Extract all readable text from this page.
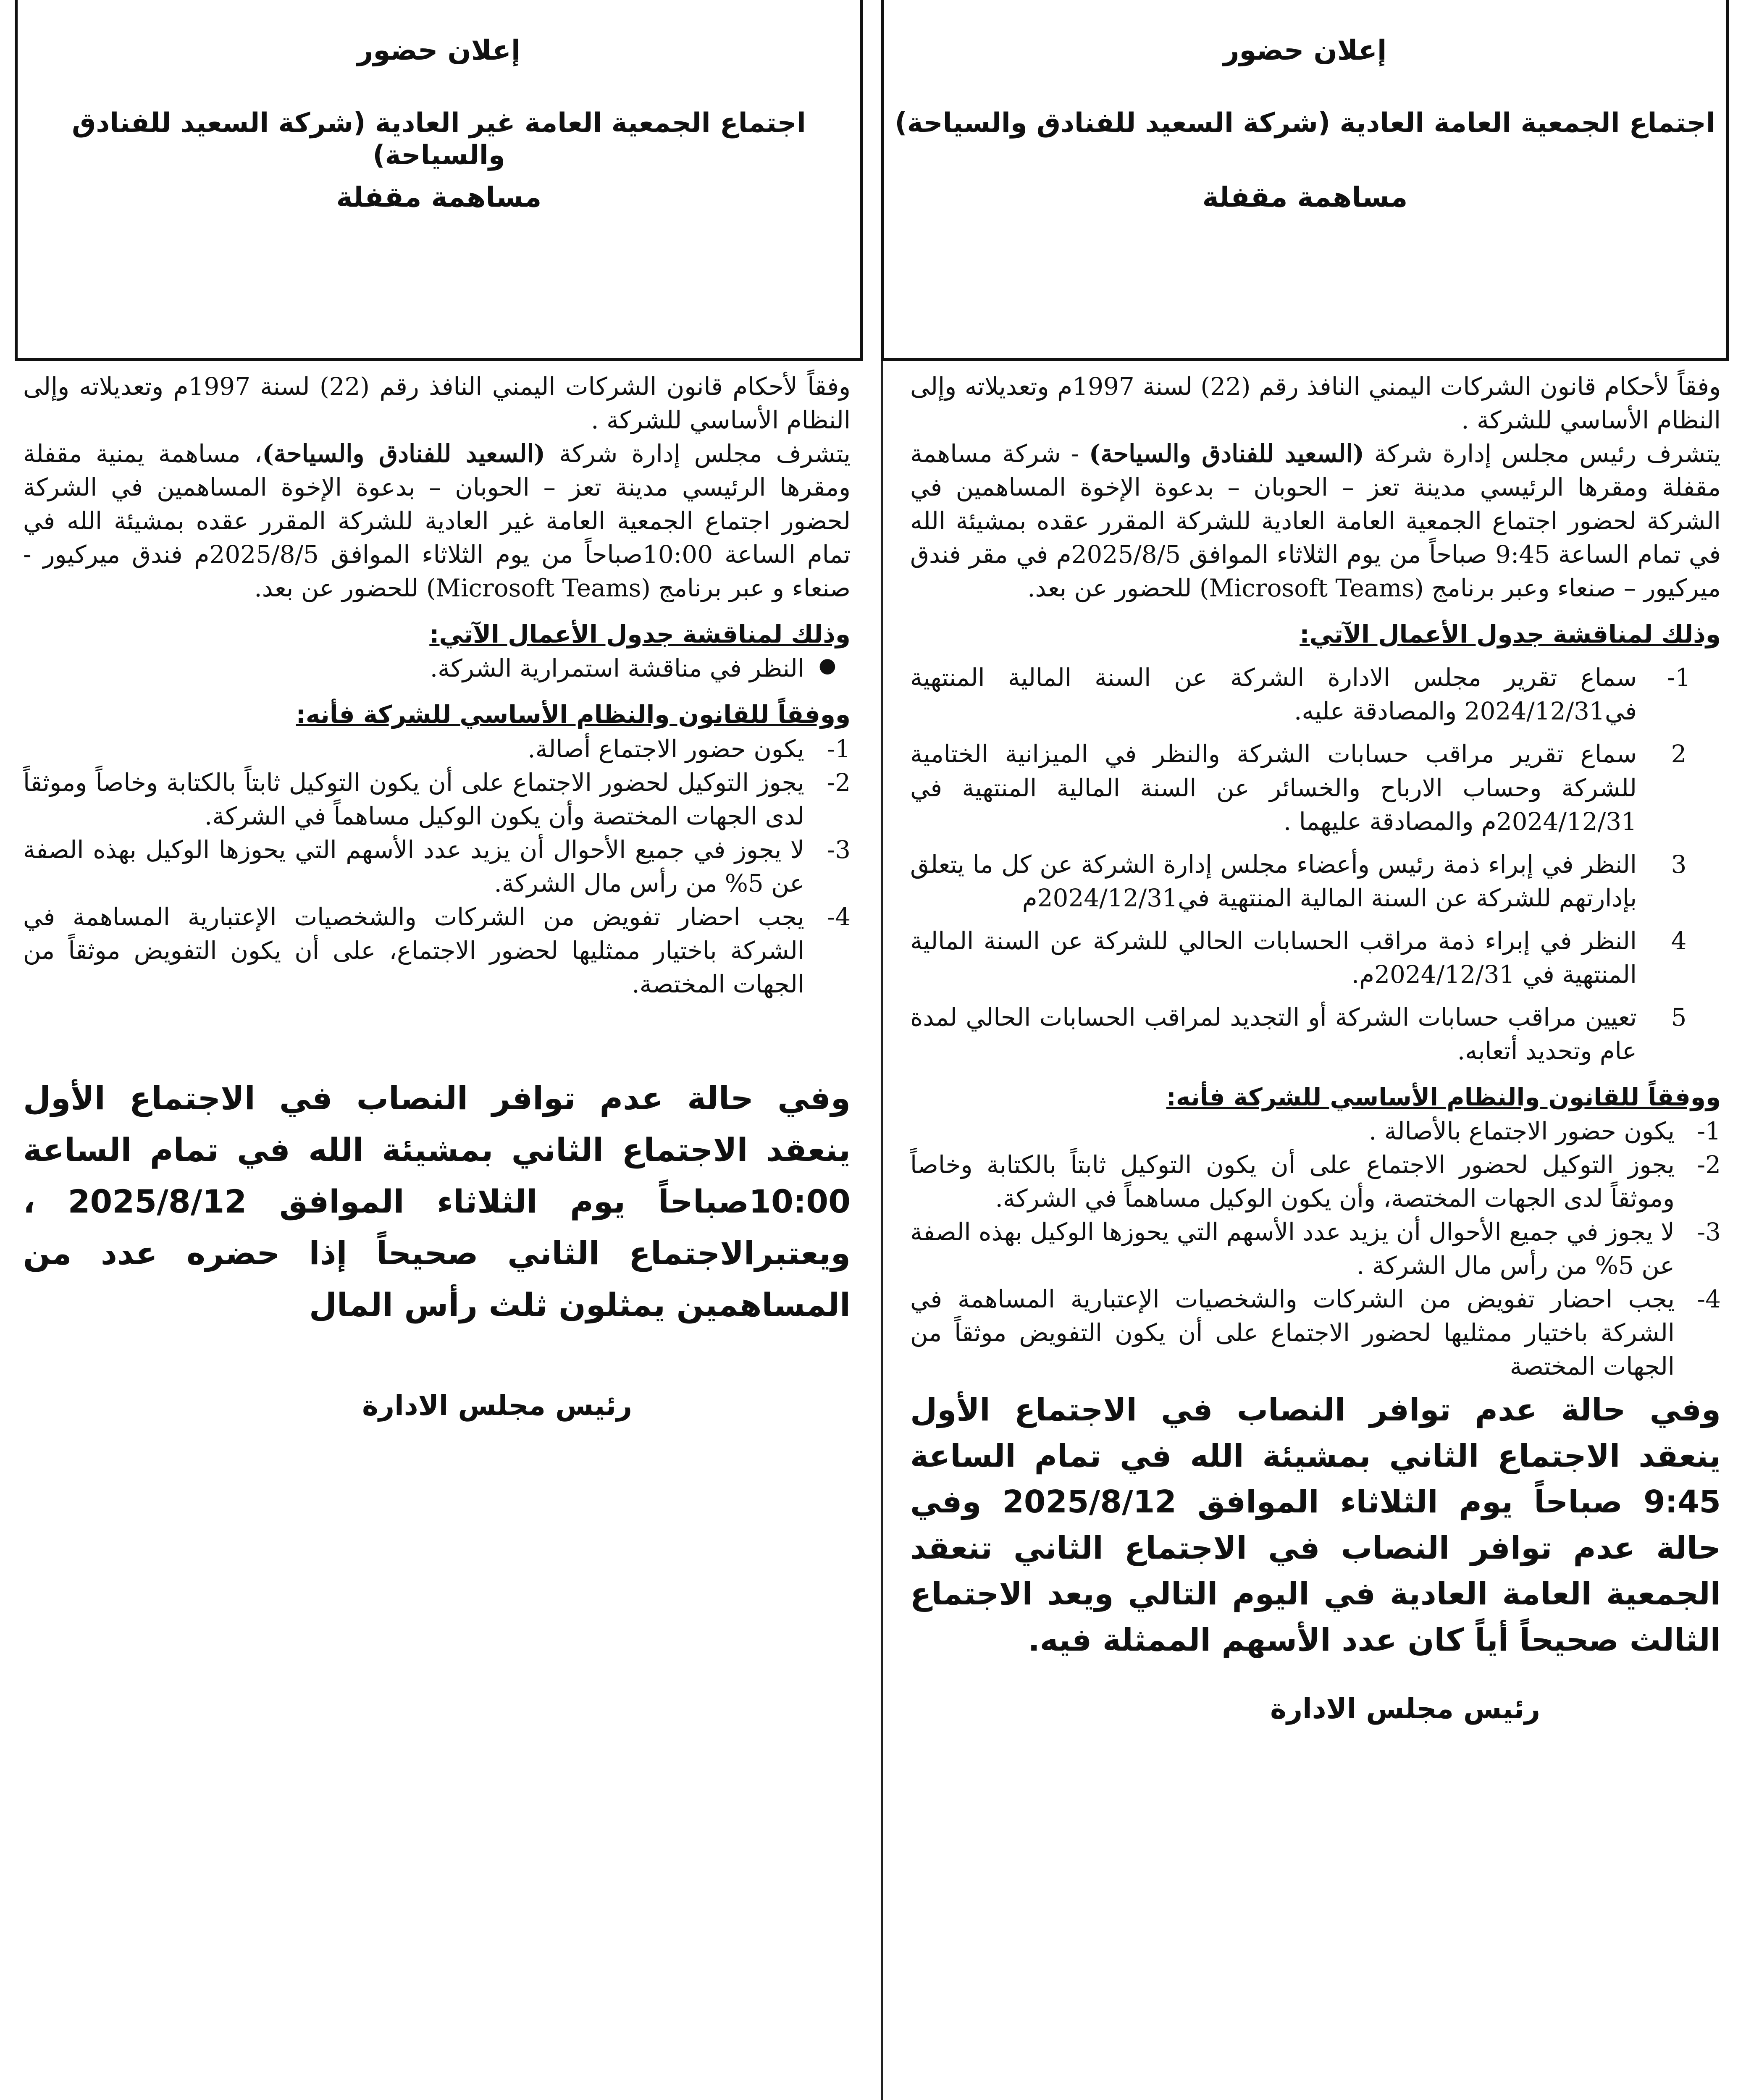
إعلان حضور

اجتماع الجمعية العامة العادية (شركة السعيد للفنادق والسياحة)

مساهمة مقفلة

وفقاً لأحكام قانون الشركات اليمني النافذ رقم (22) لسنة 1997م وتعديلاته وإلى النظام الأساسي للشركة .

يتشرف رئيس مجلس إدارة شركة (السعيد للفنادق والسياحة) - شركة مساهمة مقفلة ومقرها الرئيسي مدينة تعز – الحوبان – بدعوة الإخوة المساهمين في الشركة لحضور اجتماع الجمعية العامة العادية للشركة المقرر عقده بمشيئة الله في تمام الساعة 9:45 صباحاً من يوم الثلاثاء الموافق 2025/8/5م في مقر فندق ميركيور – صنعاء وعبر برنامج (Microsoft Teams) للحضور عن بعد.

وذلك لمناقشة جدول الأعمال الآتي:

1-
سماع تقرير مجلس الادارة الشركة عن السنة المالية المنتهية في2024/12/31 والمصادقة عليه.
2
سماع تقرير مراقب حسابات الشركة والنظر في الميزانية الختامية للشركة وحساب الارباح والخسائر عن السنة المالية المنتهية في 2024/12/31م والمصادقة عليهما .
3
النظر في إبراء ذمة رئيس وأعضاء مجلس إدارة الشركة عن كل ما يتعلق بإدارتهم للشركة عن السنة المالية المنتهية في2024/12/31م
4
النظر في إبراء ذمة مراقب الحسابات الحالي للشركة عن السنة المالية المنتهية في 2024/12/31م.
5
تعيين مراقب حسابات الشركة أو التجديد لمراقب الحسابات الحالي لمدة عام وتحديد أتعابه.

ووفقاً للقانون والنظام الأساسي للشركة فأنه:

1-
يكون حضور الاجتماع بالأصالة .
2-
يجوز التوكيل لحضور الاجتماع على أن يكون التوكيل ثابتاً بالكتابة وخاصاً وموثقاً لدى الجهات المختصة، وأن يكون الوكيل مساهماً في الشركة.
3-
لا يجوز في جميع الأحوال أن يزيد عدد الأسهم التي يحوزها الوكيل بهذه الصفة عن 5% من رأس مال الشركة .
4-
يجب احضار تفويض من الشركات والشخصيات الإعتبارية المساهمة في الشركة باختيار ممثليها لحضور الاجتماع على أن يكون التفويض موثقاً من الجهات المختصة

وفي حالة عدم توافر النصاب في الاجتماع الأول ينعقد الاجتماع الثاني بمشيئة الله في تمام الساعة 9:45 صباحاً يوم الثلاثاء الموافق 2025/8/12 وفي حالة عدم توافر النصاب في الاجتماع الثاني تنعقد الجمعية العامة العادية في اليوم التالي ويعد الاجتماع الثالث صحيحاً أياً كان عدد الأسهم الممثلة فيه.

رئيس مجلس الادارة

إعلان حضور

اجتماع الجمعية العامة غير العادية (شركة السعيد للفنادق والسياحة)

مساهمة مقفلة

وفقاً لأحكام قانون الشركات اليمني النافذ رقم (22) لسنة 1997م وتعديلاته وإلى النظام الأساسي للشركة .

يتشرف مجلس إدارة شركة (السعيد للفنادق والسياحة)، مساهمة يمنية مقفلة ومقرها الرئيسي مدينة تعز – الحوبان – بدعوة الإخوة المساهمين في الشركة لحضور اجتماع الجمعية العامة غير العادية للشركة المقرر عقده بمشيئة الله في تمام الساعة 10:00صباحاً من يوم الثلاثاء الموافق 2025/8/5م فندق ميركيور - صنعاء و عبر برنامج (Microsoft Teams) للحضور عن بعد.

وذلك لمناقشة جدول الأعمال الآتي:

●
النظر في مناقشة استمرارية الشركة.

ووفقاً للقانون والنظام الأساسي للشركة فأنه:

1-
يكون حضور الاجتماع أصالة.
2-
يجوز التوكيل لحضور الاجتماع على أن يكون التوكيل ثابتاً بالكتابة وخاصاً وموثقاً لدى الجهات المختصة وأن يكون الوكيل مساهماً في الشركة.
3-
لا يجوز في جميع الأحوال أن يزيد عدد الأسهم التي يحوزها الوكيل بهذه الصفة عن 5% من رأس مال الشركة.
4-
يجب احضار تفويض من الشركات والشخصيات الإعتبارية المساهمة في الشركة باختيار ممثليها لحضور الاجتماع، على أن يكون التفويض موثقاً من الجهات المختصة.

وفي حالة عدم توافر النصاب في الاجتماع الأول ينعقد الاجتماع الثاني بمشيئة الله في تمام الساعة 10:00صباحاً يوم الثلاثاء الموافق 2025/8/12 ، ويعتبرالاجتماع الثاني صحيحاً إذا حضره عدد من المساهمين يمثلون ثلث رأس المال

رئيس مجلس الادارة
